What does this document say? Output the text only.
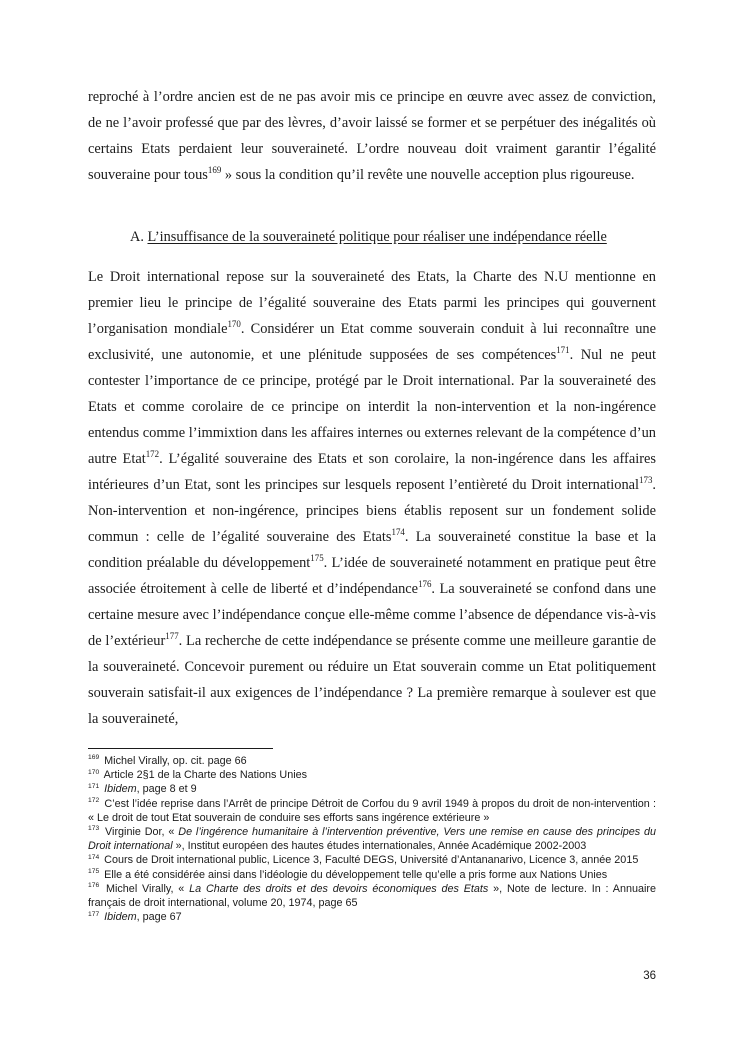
reproché à l’ordre ancien est de ne pas avoir mis ce principe en œuvre avec assez de conviction, de ne l’avoir professé que par des lèvres, d’avoir laissé se former et se perpétuer des inégalités où certains Etats perdaient leur souveraineté. L’ordre nouveau doit vraiment garantir l’égalité souveraine pour tous$^{169}$ » sous la condition qu’il revête une nouvelle acception plus rigoureuse.

A. L’insuffisance de la souveraineté politique pour réaliser une indépendance réelle

Le Droit international repose sur la souveraineté des Etats, la Charte des N.U mentionne en premier lieu le principe de l’égalité souveraine des Etats parmi les principes qui gouvernent l’organisation mondiale$^{170}$. Considérer un Etat comme souverain conduit à lui reconnaître une exclusivité, une autonomie, et une plénitude supposées de ses compétences$^{171}$. Nul ne peut contester l’importance de ce principe, protégé par le Droit international. Par la souveraineté des Etats et comme corolaire de ce principe on interdit la non-intervention et la non-ingérence entendus comme l’immixtion dans les affaires internes ou externes relevant de la compétence d’un autre Etat$^{172}$. L’égalité souveraine des Etats et son corolaire, la non-ingérence dans les affaires intérieures d’un Etat, sont les principes sur lesquels reposent l’entièreté du Droit international$^{173}$. Non-intervention et non-ingérence, principes biens établis reposent sur un fondement solide commun : celle de l’égalité souveraine des Etats$^{174}$. La souveraineté constitue la base et la condition préalable du développement$^{175}$. L’idée de souveraineté notamment en pratique peut être associée étroitement à celle de liberté et d’indépendance$^{176}$. La souveraineté se confond dans une certaine mesure avec l’indépendance conçue elle-même comme l’absence de dépendance vis-à-vis de l’extérieur$^{177}$. La recherche de cette indépendance se présente comme une meilleure garantie de la souveraineté. Concevoir purement ou réduire un Etat souverain comme un Etat politiquement souverain satisfait-il aux exigences de l’indépendance ? La première remarque à soulever est que la souveraineté,

$^{169}$ Michel Virally, op. cit. page 66
$^{170}$ Article 2§1 de la Charte des Nations Unies
$^{171}$ Ibidem, page 8 et 9
$^{172}$ C’est l’idée reprise dans l’Arrêt de principe Détroit de Corfou du 9 avril 1949 à propos du droit de non-intervention : « Le droit de tout Etat souverain de conduire ses efforts sans ingérence extérieure »
$^{173}$ Virginie Dor, « De l’ingérence humanitaire à l’intervention préventive, Vers une remise en cause des principes du Droit international », Institut européen des hautes études internationales, Année Académique 2002-2003
$^{174}$ Cours de Droit international public, Licence 3, Faculté DEGS, Université d’Antananarivo, Licence 3, année 2015
$^{175}$ Elle a été considérée ainsi dans l’idéologie du développement telle qu’elle a pris forme aux Nations Unies
$^{176}$ Michel Virally, « La Charte des droits et des devoirs économiques des Etats », Note de lecture. In : Annuaire français de droit international, volume 20, 1974, page 65
$^{177}$ Ibidem, page 67
36
